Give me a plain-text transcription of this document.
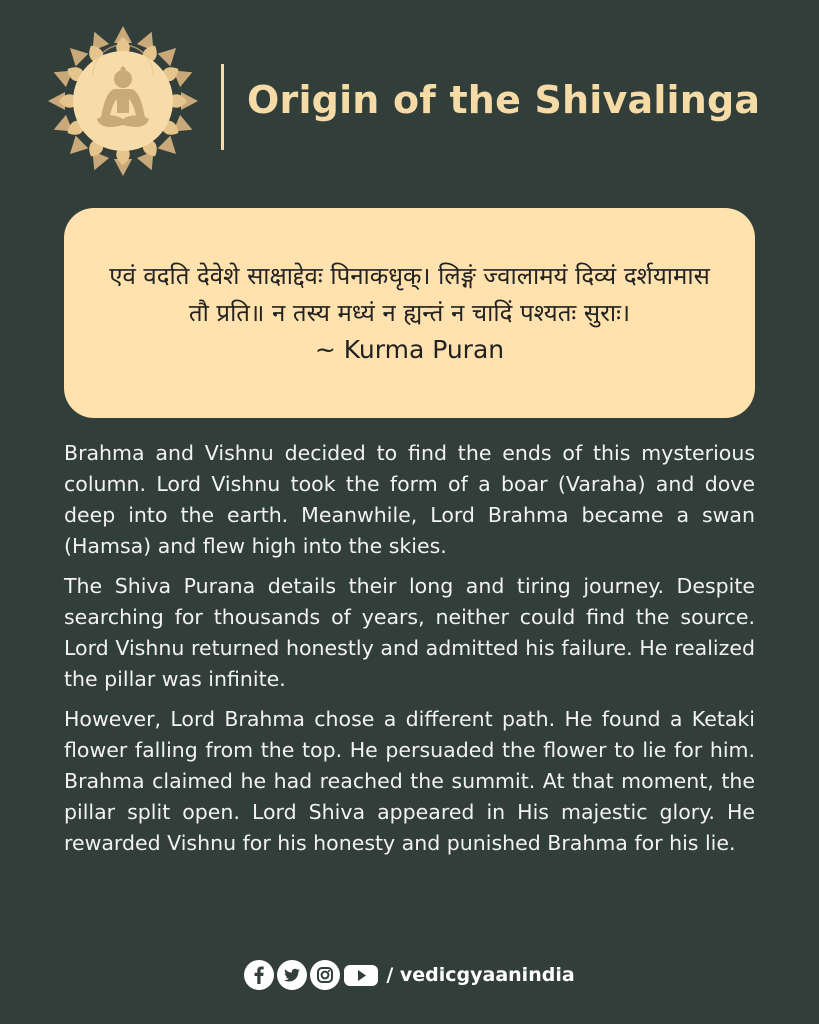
Origin of the Shivalinga
एवं वदति देवेशे साक्षाद्देवः पिनाकधृक्। लिङ्गं ज्वालामयं दिव्यं दर्शयामास तौ प्रति॥ न तस्य मध्यं न ह्यन्तं न चादिं पश्यतः सुराः।
~ Kurma Puran

Brahma and Vishnu decided to find the ends of this mysterious column. Lord Vishnu took the form of a boar (Varaha) and dove deep into the earth. Meanwhile, Lord Brahma became a swan (Hamsa) and flew high into the skies.

The Shiva Purana details their long and tiring journey. Despite searching for thousands of years, neither could find the source. Lord Vishnu returned honestly and admitted his failure. He realized the pillar was infinite.

However, Lord Brahma chose a different path. He found a Ketaki flower falling from the top. He persuaded the flower to lie for him. Brahma claimed he had reached the summit. At that moment, the pillar split open. Lord Shiva appeared in His majestic glory. He rewarded Vishnu for his honesty and punished Brahma for his lie.

/ vedicgyaanindia
